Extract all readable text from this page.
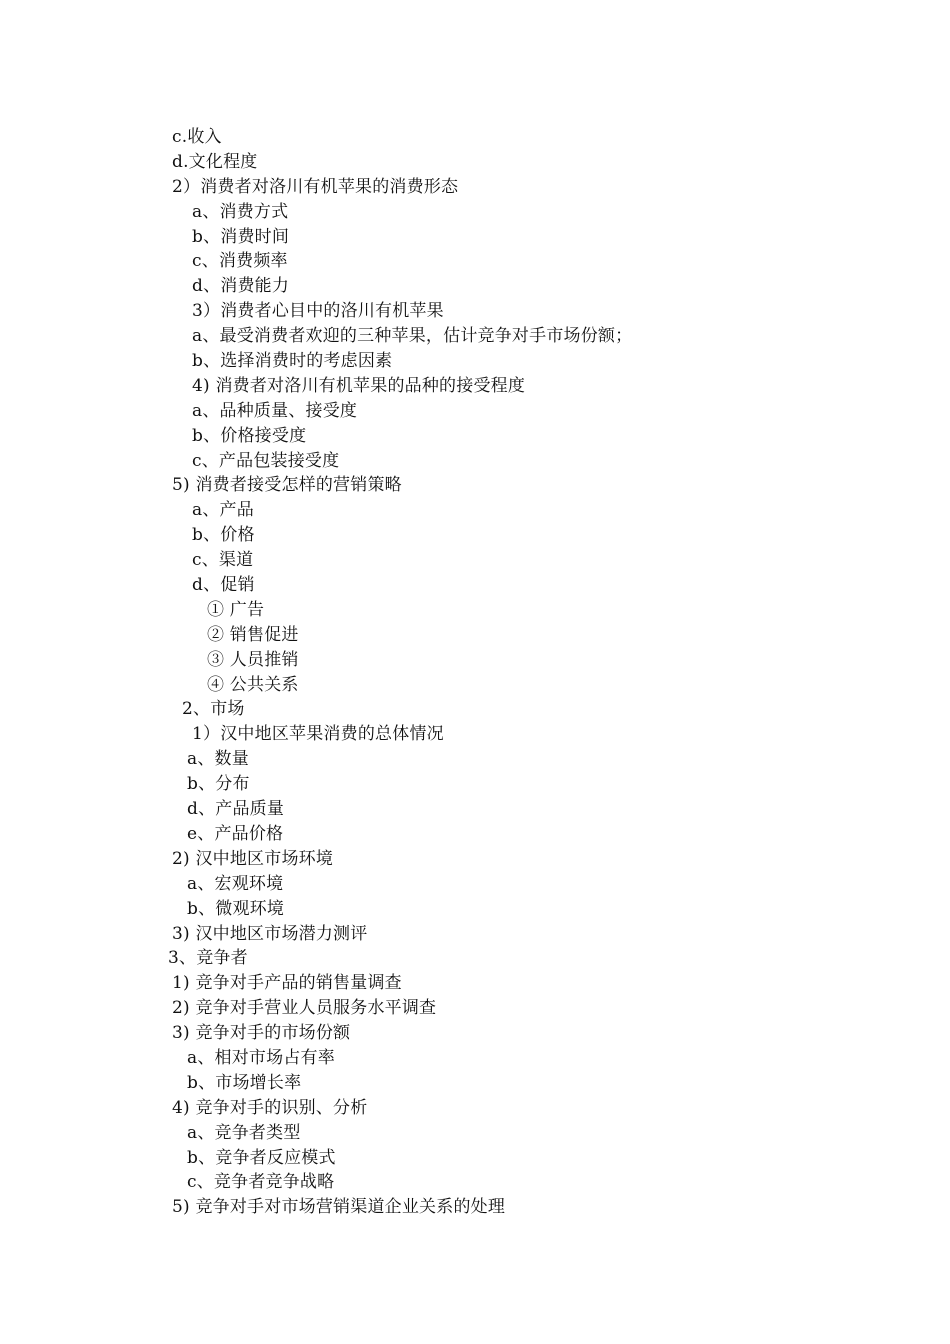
c.收入
d.文化程度
2）消费者对洛川有机苹果的消费形态
a、消费方式
b、消费时间
c、消费频率
d、消费能力
3）消费者心目中的洛川有机苹果
a、最受消费者欢迎的三种苹果，估计竞争对手市场份额；
b、选择消费时的考虑因素
4) 消费者对洛川有机苹果的品种的接受程度
a、品种质量、接受度
b、价格接受度
c、产品包装接受度
5) 消费者接受怎样的营销策略
a、产品
b、价格
c、渠道
d、促销
① 广告
② 销售促进
③ 人员推销
④ 公共关系
2、市场
1）汉中地区苹果消费的总体情况
a、数量
b、分布
d、产品质量
e、产品价格
2) 汉中地区市场环境
a、宏观环境
b、微观环境
3) 汉中地区市场潜力测评
3、竞争者
1) 竞争对手产品的销售量调查
2) 竞争对手营业人员服务水平调查
3) 竞争对手的市场份额
a、相对市场占有率
b、市场增长率
4) 竞争对手的识别、分析
a、竞争者类型
b、竞争者反应模式
c、竞争者竞争战略
5) 竞争对手对市场营销渠道企业关系的处理
